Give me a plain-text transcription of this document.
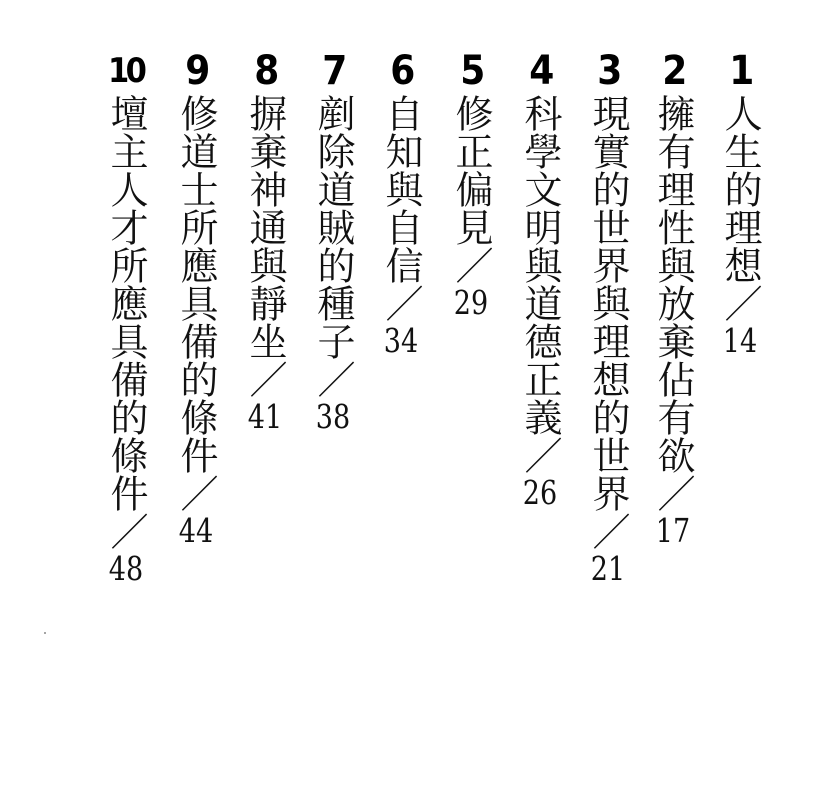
1
人生的理想／
14
2
擁有理性與放棄佔有欲／
17
3
現實的世界與理想的世界／
21
4
科學文明與道德正義／
26
5
修正偏見／
29
6
自知與自信／
34
7
剷除道賊的種子／
38
8
摒棄神通與靜坐／
41
9
修道士所應具備的條件／
44
10
壇主人才所應具備的條件／
48
